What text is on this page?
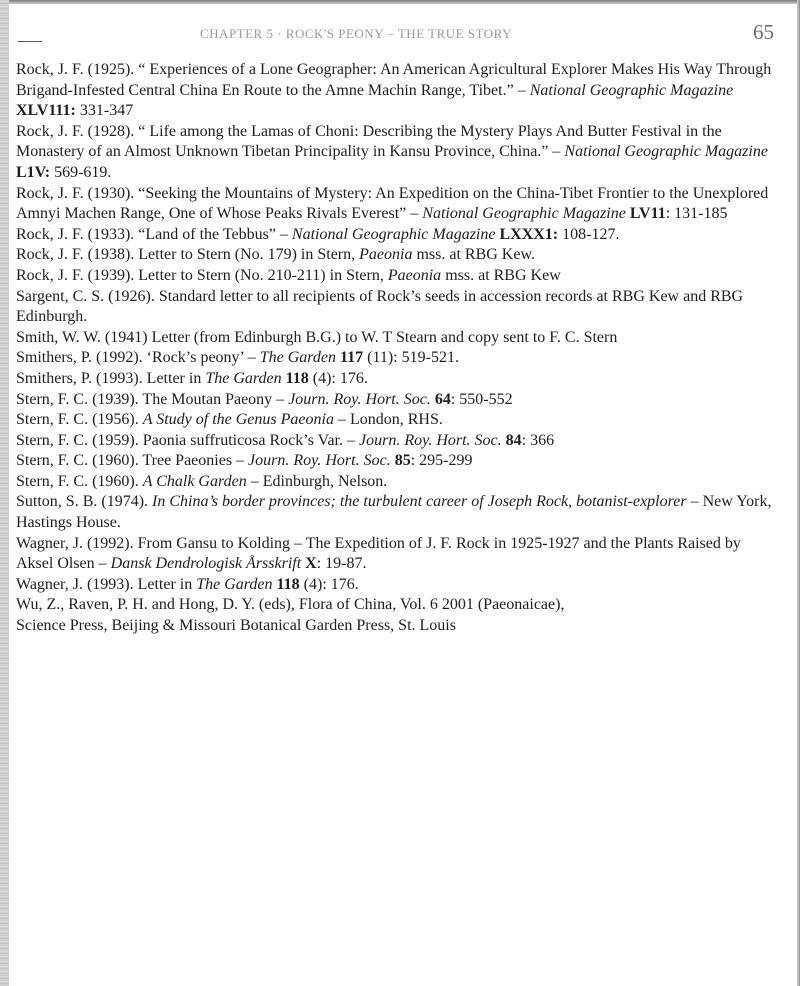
CHAPTER 5 · ROCK'S PEONY – THE TRUE STORY	65

Rock, J. F. (1925). “ Experiences of a Lone Geographer: An American Agricultural Explorer Makes His Way Through Brigand-Infested Central China En Route to the Amne Machin Range, Tibet.” – National Geographic Magazine XLV111: 331-347

Rock, J. F. (1928). “ Life among the Lamas of Choni: Describing the Mystery Plays And Butter Festival in the Monastery of an Almost Unknown Tibetan Principality in Kansu Province, China.” – National Geographic Magazine L1V: 569-619.

Rock, J. F. (1930). “Seeking the Mountains of Mystery: An Expedition on the China-Tibet Frontier to the Unexplored Amnyi Machen Range, One of Whose Peaks Rivals Everest” – National Geographic Magazine LV11: 131-185

Rock, J. F. (1933). “Land of the Tebbus” – National Geographic Magazine LXXX1: 108-127.

Rock, J. F. (1938). Letter to Stern (No. 179) in Stern, Paeonia mss. at RBG Kew.

Rock, J. F. (1939). Letter to Stern (No. 210-211) in Stern, Paeonia mss. at RBG Kew

Sargent, C. S. (1926). Standard letter to all recipients of Rock’s seeds in accession records at RBG Kew and RBG Edinburgh.

Smith, W. W. (1941) Letter (from Edinburgh B.G.) to W. T Stearn and copy sent to F. C. Stern

Smithers, P. (1992). ‘Rock’s peony’ – The Garden 117 (11): 519-521.

Smithers, P. (1993). Letter in The Garden 118 (4): 176.

Stern, F. C. (1939). The Moutan Paeony – Journ. Roy. Hort. Soc. 64: 550-552

Stern, F. C. (1956). A Study of the Genus Paeonia – London, RHS.

Stern, F. C. (1959). Paonia suffruticosa Rock’s Var. – Journ. Roy. Hort. Soc. 84: 366

Stern, F. C. (1960). Tree Paeonies – Journ. Roy. Hort. Soc. 85: 295-299

Stern, F. C. (1960). A Chalk Garden – Edinburgh, Nelson.

Sutton, S. B. (1974). In China’s border provinces; the turbulent career of Joseph Rock, botanist-explorer – New York, Hastings House.

Wagner, J. (1992). From Gansu to Kolding – The Expedition of J. F. Rock in 1925-1927 and the Plants Raised by Aksel Olsen – Dansk Dendrologisk Årsskrift X: 19-87.

Wagner, J. (1993). Letter in The Garden 118 (4): 176.

Wu, Z., Raven, P. H. and Hong, D. Y. (eds), Flora of China, Vol. 6 2001 (Paeonaicae),

Science Press, Beijing & Missouri Botanical Garden Press, St. Louis
